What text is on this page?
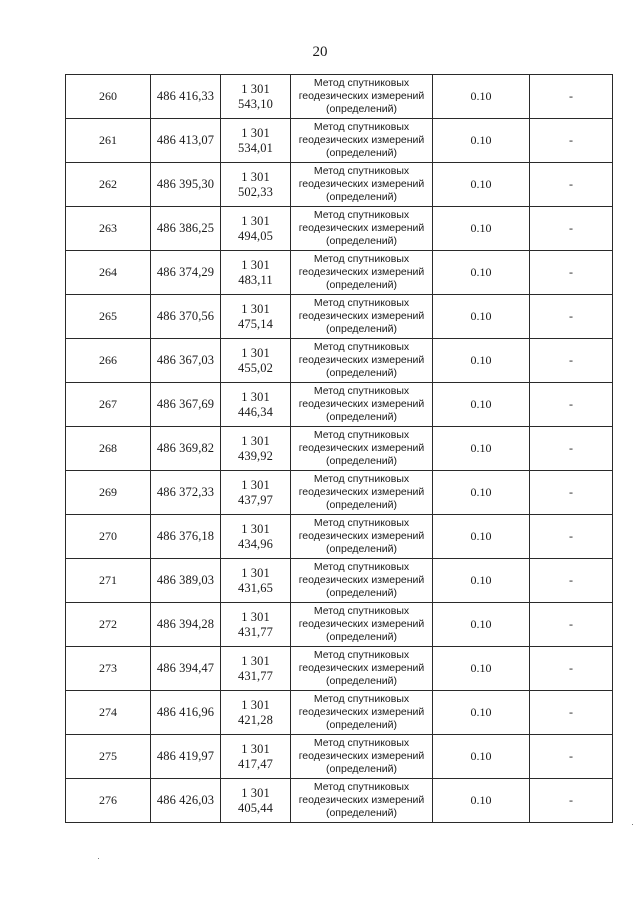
20
260	486 416,33	1 301 543,10	Метод спутниковых
геодезических измерений
(определений)	0.10	-
261	486 413,07	1 301 534,01	Метод спутниковых
геодезических измерений
(определений)	0.10	-
262	486 395,30	1 301 502,33	Метод спутниковых
геодезических измерений
(определений)	0.10	-
263	486 386,25	1 301 494,05	Метод спутниковых
геодезических измерений
(определений)	0.10	-
264	486 374,29	1 301 483,11	Метод спутниковых
геодезических измерений
(определений)	0.10	-
265	486 370,56	1 301 475,14	Метод спутниковых
геодезических измерений
(определений)	0.10	-
266	486 367,03	1 301 455,02	Метод спутниковых
геодезических измерений
(определений)	0.10	-
267	486 367,69	1 301 446,34	Метод спутниковых
геодезических измерений
(определений)	0.10	-
268	486 369,82	1 301 439,92	Метод спутниковых
геодезических измерений
(определений)	0.10	-
269	486 372,33	1 301 437,97	Метод спутниковых
геодезических измерений
(определений)	0.10	-
270	486 376,18	1 301 434,96	Метод спутниковых
геодезических измерений
(определений)	0.10	-
271	486 389,03	1 301 431,65	Метод спутниковых
геодезических измерений
(определений)	0.10	-
272	486 394,28	1 301 431,77	Метод спутниковых
геодезических измерений
(определений)	0.10	-
273	486 394,47	1 301 431,77	Метод спутниковых
геодезических измерений
(определений)	0.10	-
274	486 416,96	1 301 421,28	Метод спутниковых
геодезических измерений
(определений)	0.10	-
275	486 419,97	1 301 417,47	Метод спутниковых
геодезических измерений
(определений)	0.10	-
276	486 426,03	1 301 405,44	Метод спутниковых
геодезических измерений
(определений)	0.10	-
